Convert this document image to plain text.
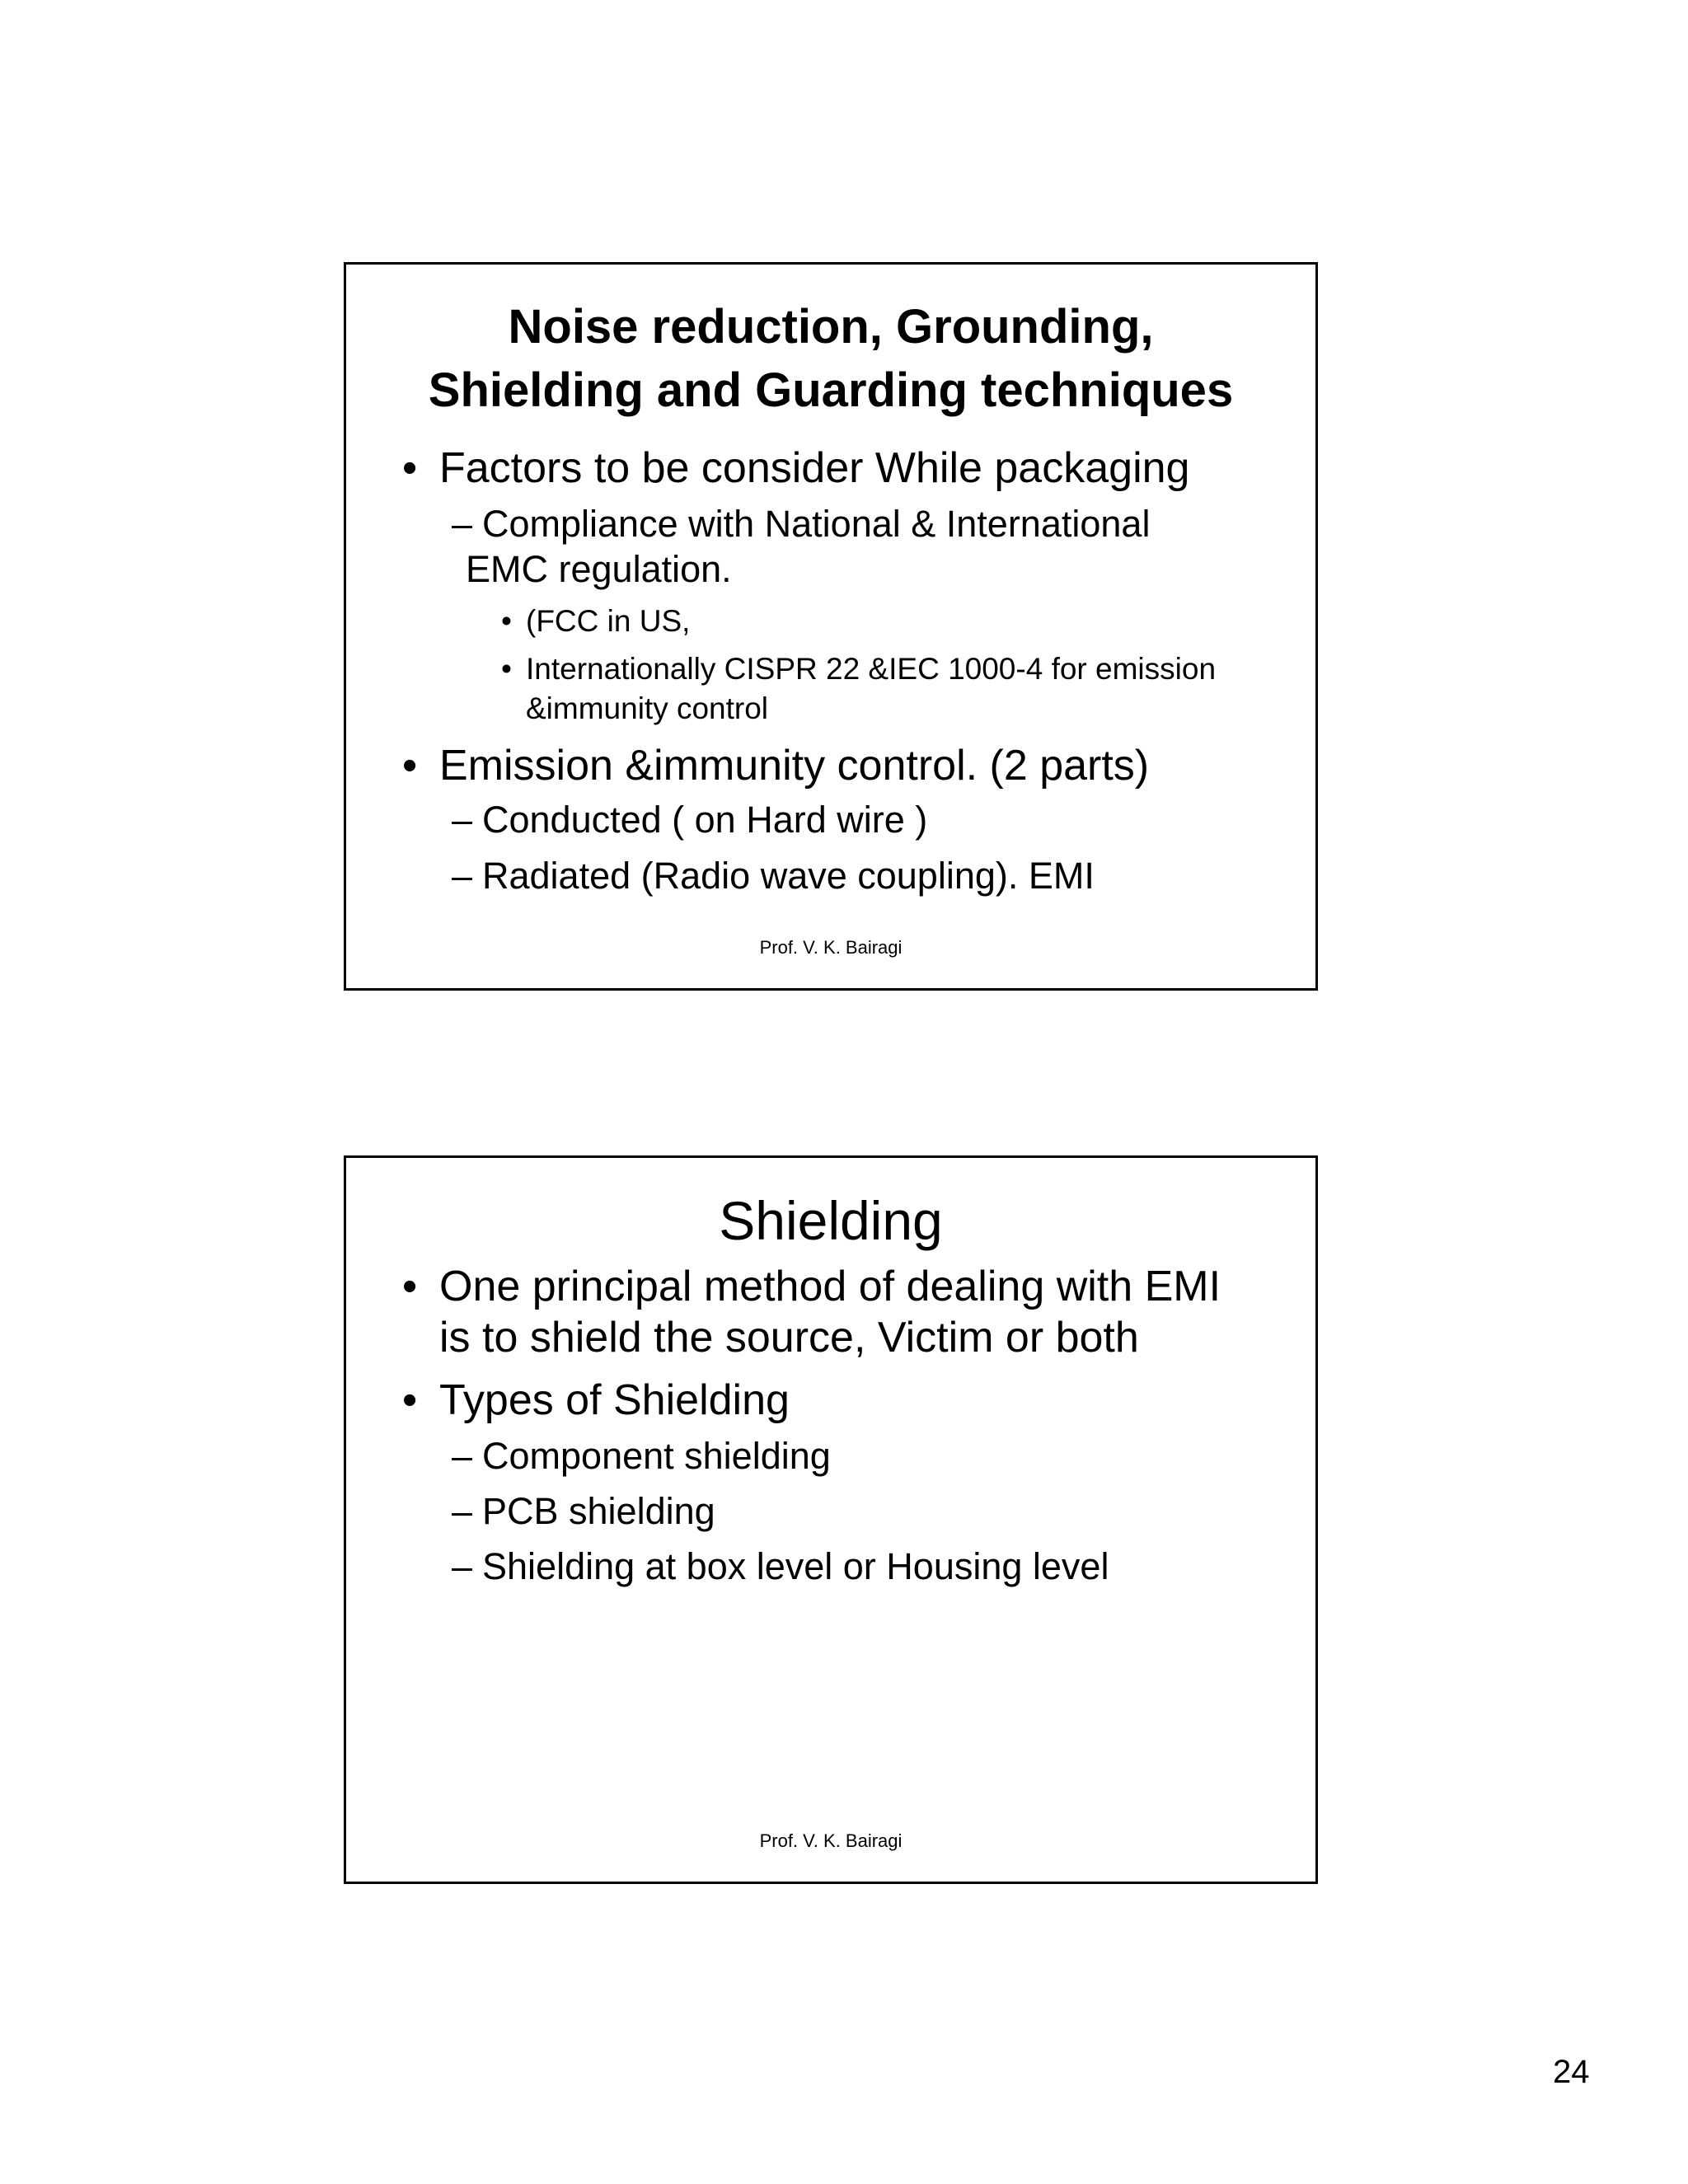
Noise reduction, Grounding,

Shielding and Guarding techniques

• Factors to be consider While packaging

– Compliance with National & International

EMC regulation.

• (FCC in US,

• Internationally CISPR 22 &IEC 1000-4 for emission

&immunity control

• Emission &immunity control. (2 parts)

– Conducted ( on Hard wire )

– Radiated (Radio wave coupling). EMI

Prof. V. K. Bairagi

Shielding

• One principal method of dealing with EMI

is to shield the source, Victim or both

• Types of Shielding

– Component shielding

– PCB shielding

– Shielding at box level or Housing level

Prof. V. K. Bairagi

24
